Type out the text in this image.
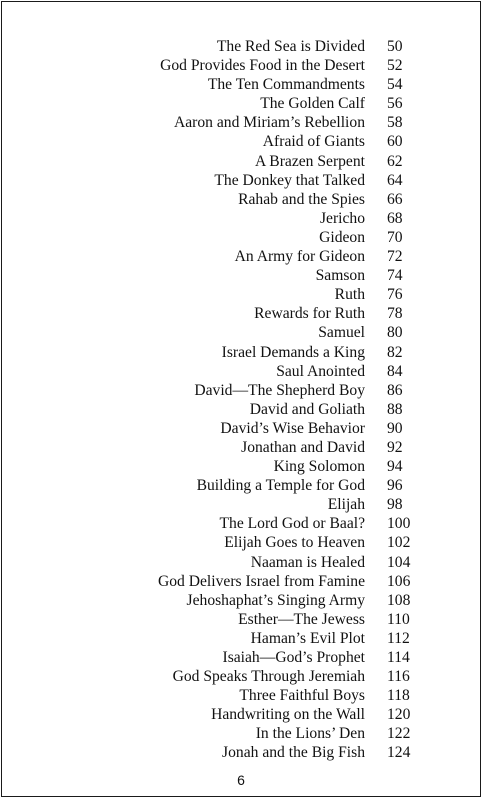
The Red Sea is Divided 50
God Provides Food in the Desert 52
The Ten Commandments 54
The Golden Calf 56
Aaron and Miriam’s Rebellion 58
Afraid of Giants 60
A Brazen Serpent 62
The Donkey that Talked 64
Rahab and the Spies 66
Jericho 68
Gideon 70
An Army for Gideon 72
Samson 74
Ruth 76
Rewards for Ruth 78
Samuel 80
Israel Demands a King 82
Saul Anointed 84
David—The Shepherd Boy 86
David and Goliath 88
David’s Wise Behavior 90
Jonathan and David 92
King Solomon 94
Building a Temple for God 96
Elijah 98
The Lord God or Baal? 100
Elijah Goes to Heaven 102
Naaman is Healed 104
God Delivers Israel from Famine 106
Jehoshaphat’s Singing Army 108
Esther—The Jewess 110
Haman’s Evil Plot 112
Isaiah—God’s Prophet 114
God Speaks Through Jeremiah 116
Three Faithful Boys 118
Handwriting on the Wall 120
In the Lions’ Den 122
Jonah and the Big Fish 124
6
